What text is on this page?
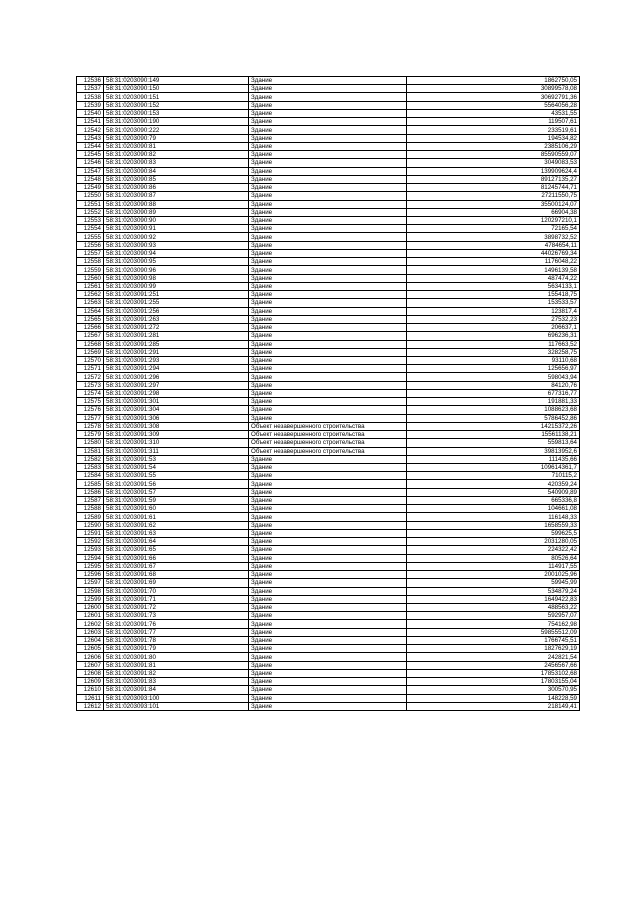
12536	58:31:0203090:149	Здание	1862750,05
12537	58:31:0203090:150	Здание	30899578,08
12538	58:31:0203090:151	Здание	30692791,36
12539	58:31:0203090:152	Здание	5564056,28
12540	58:31:0203090:153	Здание	43531,55
12541	58:31:0203090:190	Здание	119507,61
12542	58:31:0203090:222	Здание	233519,61
12543	58:31:0203090:79	Здание	194534,82
12544	58:31:0203090:81	Здание	2385106,29
12545	58:31:0203090:82	Здание	85590559,07
12546	58:31:0203090:83	Здание	3049083,53
12547	58:31:0203090:84	Здание	139909624,4
12548	58:31:0203090:85	Здание	89127135,27
12549	58:31:0203090:86	Здание	81245744,71
12550	58:31:0203090:87	Здание	27211550,75
12551	58:31:0203090:88	Здание	35500124,07
12552	58:31:0203090:89	Здание	66904,38
12553	58:31:0203090:90	Здание	120297210,1
12554	58:31:0203090:91	Здание	72165,54
12555	58:31:0203090:92	Здание	3898732,52
12556	58:31:0203090:93	Здание	4784654,11
12557	58:31:0203090:94	Здание	44026769,34
12558	58:31:0203090:95	Здание	1176048,22
12559	58:31:0203090:96	Здание	1496139,58
12560	58:31:0203090:98	Здание	487474,22
12561	58:31:0203090:99	Здание	5634133,1
12562	58:31:0203091:251	Здание	155418,75
12563	58:31:0203091:255	Здание	153533,57
12564	58:31:0203091:256	Здание	123817,4
12565	58:31:0203091:263	Здание	27532,23
12566	58:31:0203091:272	Здание	206637,1
12567	58:31:0203091:281	Здание	696236,31
12568	58:31:0203091:285	Здание	117663,52
12569	58:31:0203091:291	Здание	328258,75
12570	58:31:0203091:293	Здание	93110,68
12571	58:31:0203091:294	Здание	125656,97
12572	58:31:0203091:296	Здание	598043,94
12573	58:31:0203091:297	Здание	84120,76
12574	58:31:0203091:298	Здание	677316,77
12575	58:31:0203091:301	Здание	191881,33
12576	58:31:0203091:304	Здание	1088623,68
12577	58:31:0203091:306	Здание	5786452,86
12578	58:31:0203091:308	Объект незавершенного строительства	14215372,26
12579	58:31:0203091:309	Объект незавершенного строительства	15561138,21
12580	58:31:0203091:310	Объект незавершенного строительства	559813,64
12581	58:31:0203091:311	Объект незавершенного строительства	39813952,6
12582	58:31:0203091:53	Здание	111435,66
12583	58:31:0203091:54	Здание	109614361,7
12584	58:31:0203091:55	Здание	710115,2
12585	58:31:0203091:56	Здание	420359,24
12586	58:31:0203091:57	Здание	540909,89
12587	58:31:0203091:59	Здание	665336,8
12588	58:31:0203091:60	Здание	104661,08
12589	58:31:0203091:61	Здание	116148,33
12590	58:31:0203091:62	Здание	1658559,33
12591	58:31:0203091:63	Здание	599625,5
12592	58:31:0203091:64	Здание	2031280,05
12593	58:31:0203091:65	Здание	224322,42
12594	58:31:0203091:66	Здание	80526,64
12595	58:31:0203091:67	Здание	114917,55
12596	58:31:0203091:68	Здание	2001025,96
12597	58:31:0203091:69	Здание	59945,99
12598	58:31:0203091:70	Здание	534879,24
12599	58:31:0203091:71	Здание	1649422,83
12600	58:31:0203091:72	Здание	488563,22
12601	58:31:0203091:73	Здание	592957,07
12602	58:31:0203091:76	Здание	754162,98
12603	58:31:0203091:77	Здание	59855512,09
12604	58:31:0203091:78	Здание	1766745,51
12605	58:31:0203091:79	Здание	1827629,19
12606	58:31:0203091:80	Здание	242821,54
12607	58:31:0203091:81	Здание	2456567,66
12608	58:31:0203091:82	Здание	17853102,68
12609	58:31:0203091:83	Здание	17803155,04
12610	58:31:0203091:84	Здание	300570,95
12611	58:31:0203093:100	Здание	148228,59
12612	58:31:0203093:101	Здание	218149,41
